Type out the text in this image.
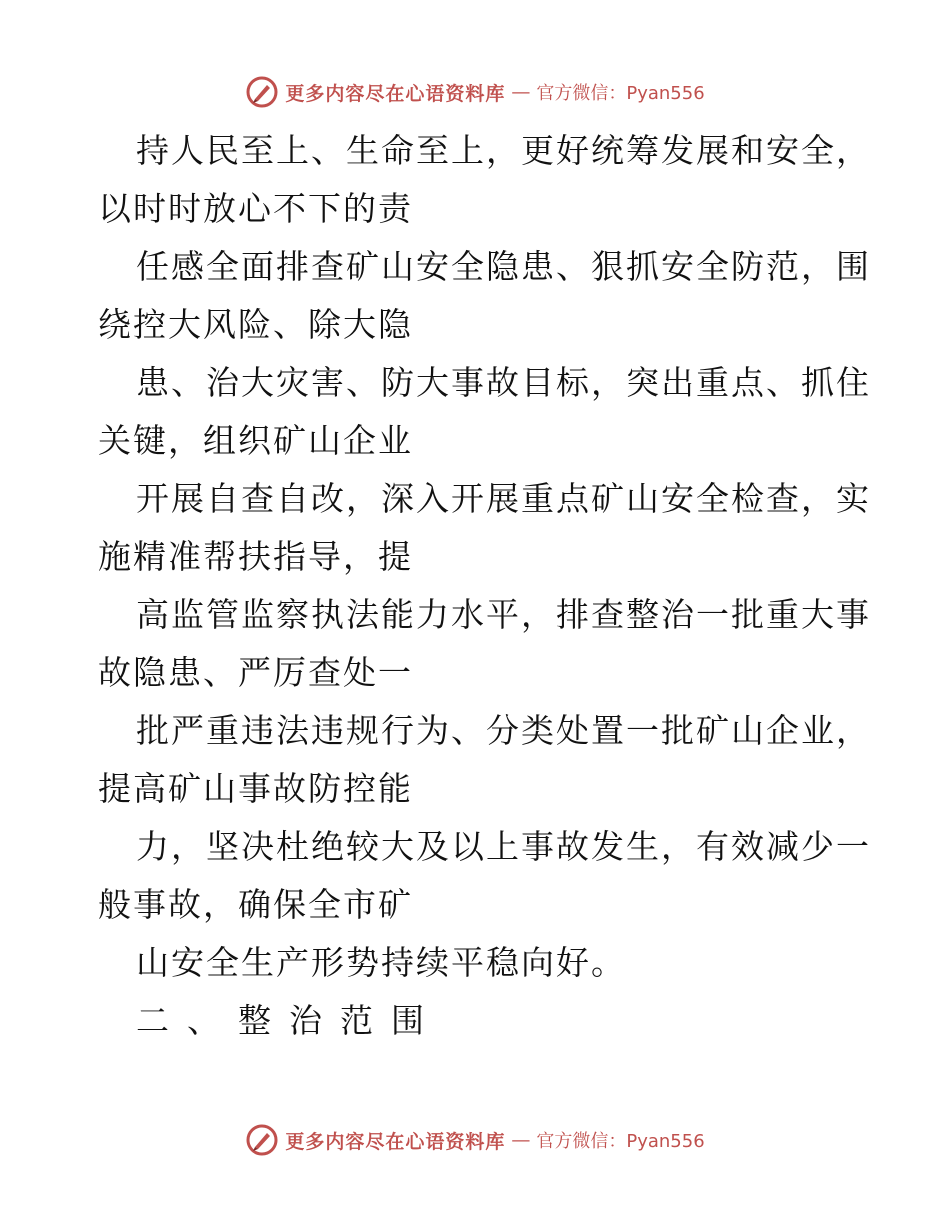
更多内容尽在心语资料库 — 官方微信：Pyan556

持人民至上、生命至上，更好统筹发展和安全，

以时时放心不下的责

任感全面排查矿山安全隐患、狠抓安全防范，围

绕控大风险、除大隐

患、治大灾害、防大事故目标，突出重点、抓住

关键，组织矿山企业

开展自查自改，深入开展重点矿山安全检查，实

施精准帮扶指导，提

高监管监察执法能力水平，排查整治一批重大事

故隐患、严厉查处一

批严重违法违规行为、分类处置一批矿山企业，

提高矿山事故防控能

力，坚决杜绝较大及以上事故发生，有效减少一

般事故，确保全市矿

山安全生产形势持续平稳向好。

二、整治范围

更多内容尽在心语资料库 — 官方微信：Pyan556
